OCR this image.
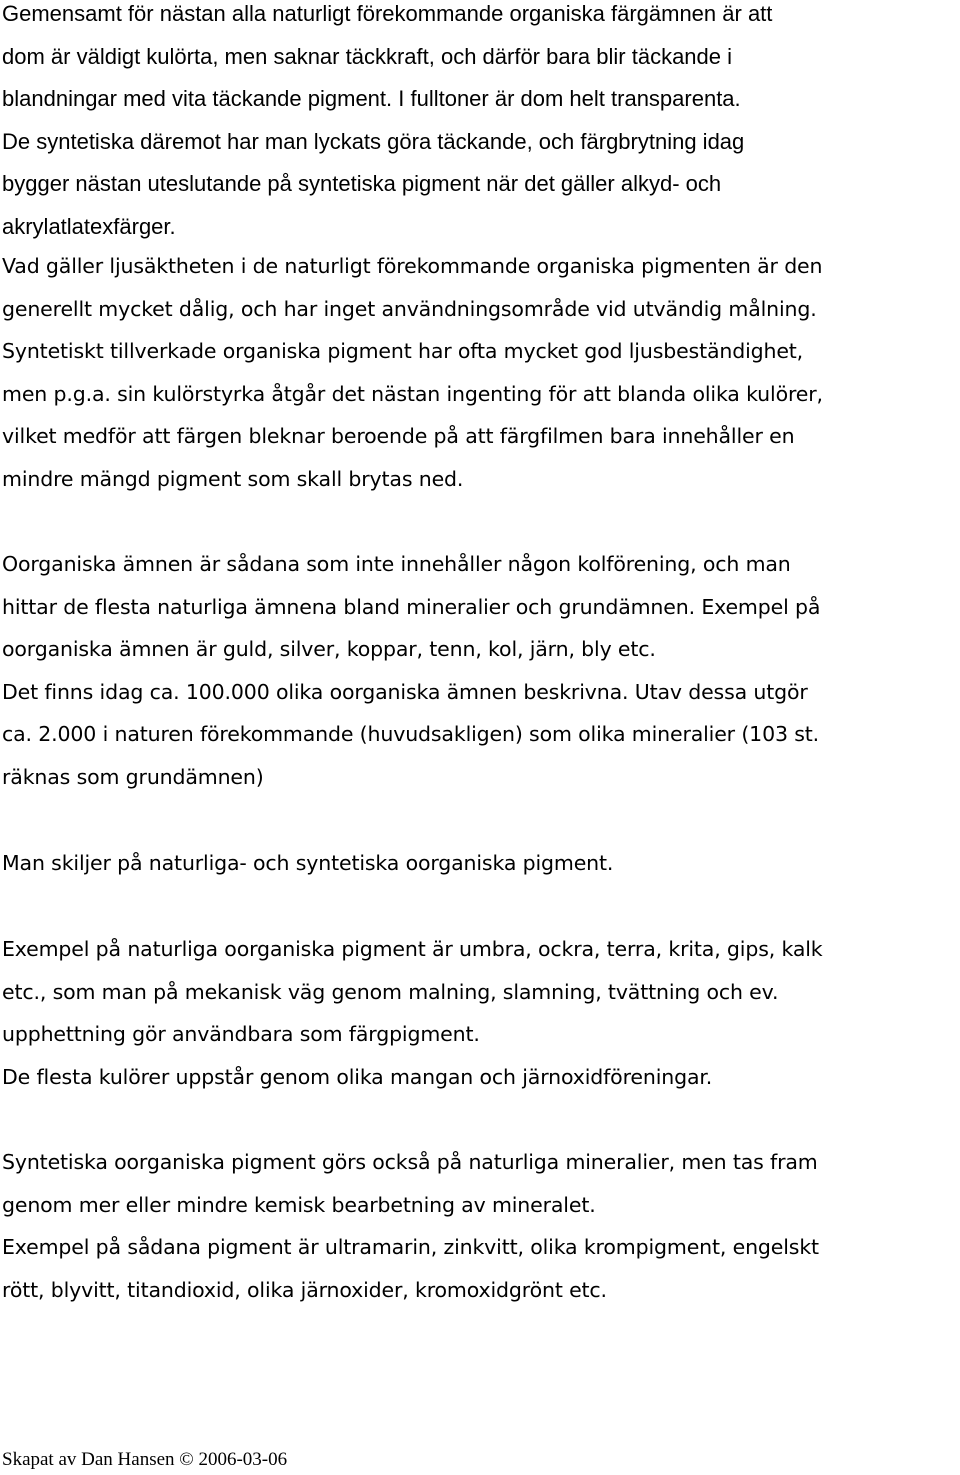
Gemensamt för nästan alla naturligt förekommande organiska färgämnen är att
dom är väldigt kulörta, men saknar täckkraft, och därför bara blir täckande i
blandningar med vita täckande pigment. I fulltoner är dom helt transparenta.
De syntetiska däremot har man lyckats göra täckande, och färgbrytning idag
bygger nästan uteslutande på syntetiska pigment när det gäller alkyd- och
akrylatlatexfärger.
Vad gäller ljusäktheten i de naturligt förekommande organiska pigmenten är den
generellt mycket dålig, och har inget användningsområde vid utvändig målning.
Syntetiskt tillverkade organiska pigment har ofta mycket god ljusbeständighet,
men p.g.a. sin kulörstyrka åtgår det nästan ingenting för att blanda olika kulörer,
vilket medför att färgen bleknar beroende på att färgfilmen bara innehåller en
mindre mängd pigment som skall brytas ned.
Oorganiska ämnen är sådana som inte innehåller någon kolförening, och man
hittar de flesta naturliga ämnena bland mineralier och grundämnen. Exempel på
oorganiska ämnen är guld, silver, koppar, tenn, kol, järn, bly etc.
Det finns idag ca. 100.000 olika oorganiska ämnen beskrivna. Utav dessa utgör
ca. 2.000 i naturen förekommande (huvudsakligen) som olika mineralier (103 st.
räknas som grundämnen)
Man skiljer på naturliga- och syntetiska oorganiska pigment.
Exempel på naturliga oorganiska pigment är umbra, ockra, terra, krita, gips, kalk
etc., som man på mekanisk väg genom malning, slamning, tvättning och ev.
upphettning gör användbara som färgpigment.
De flesta kulörer uppstår genom olika mangan och järnoxidföreningar.
Syntetiska oorganiska pigment görs också på naturliga mineralier, men tas fram
genom mer eller mindre kemisk bearbetning av mineralet.
Exempel på sådana pigment är ultramarin, zinkvitt, olika krompigment, engelskt
rött, blyvitt, titandioxid, olika järnoxider, kromoxidgrönt etc.
Skapat av Dan Hansen © 2006-03-06
